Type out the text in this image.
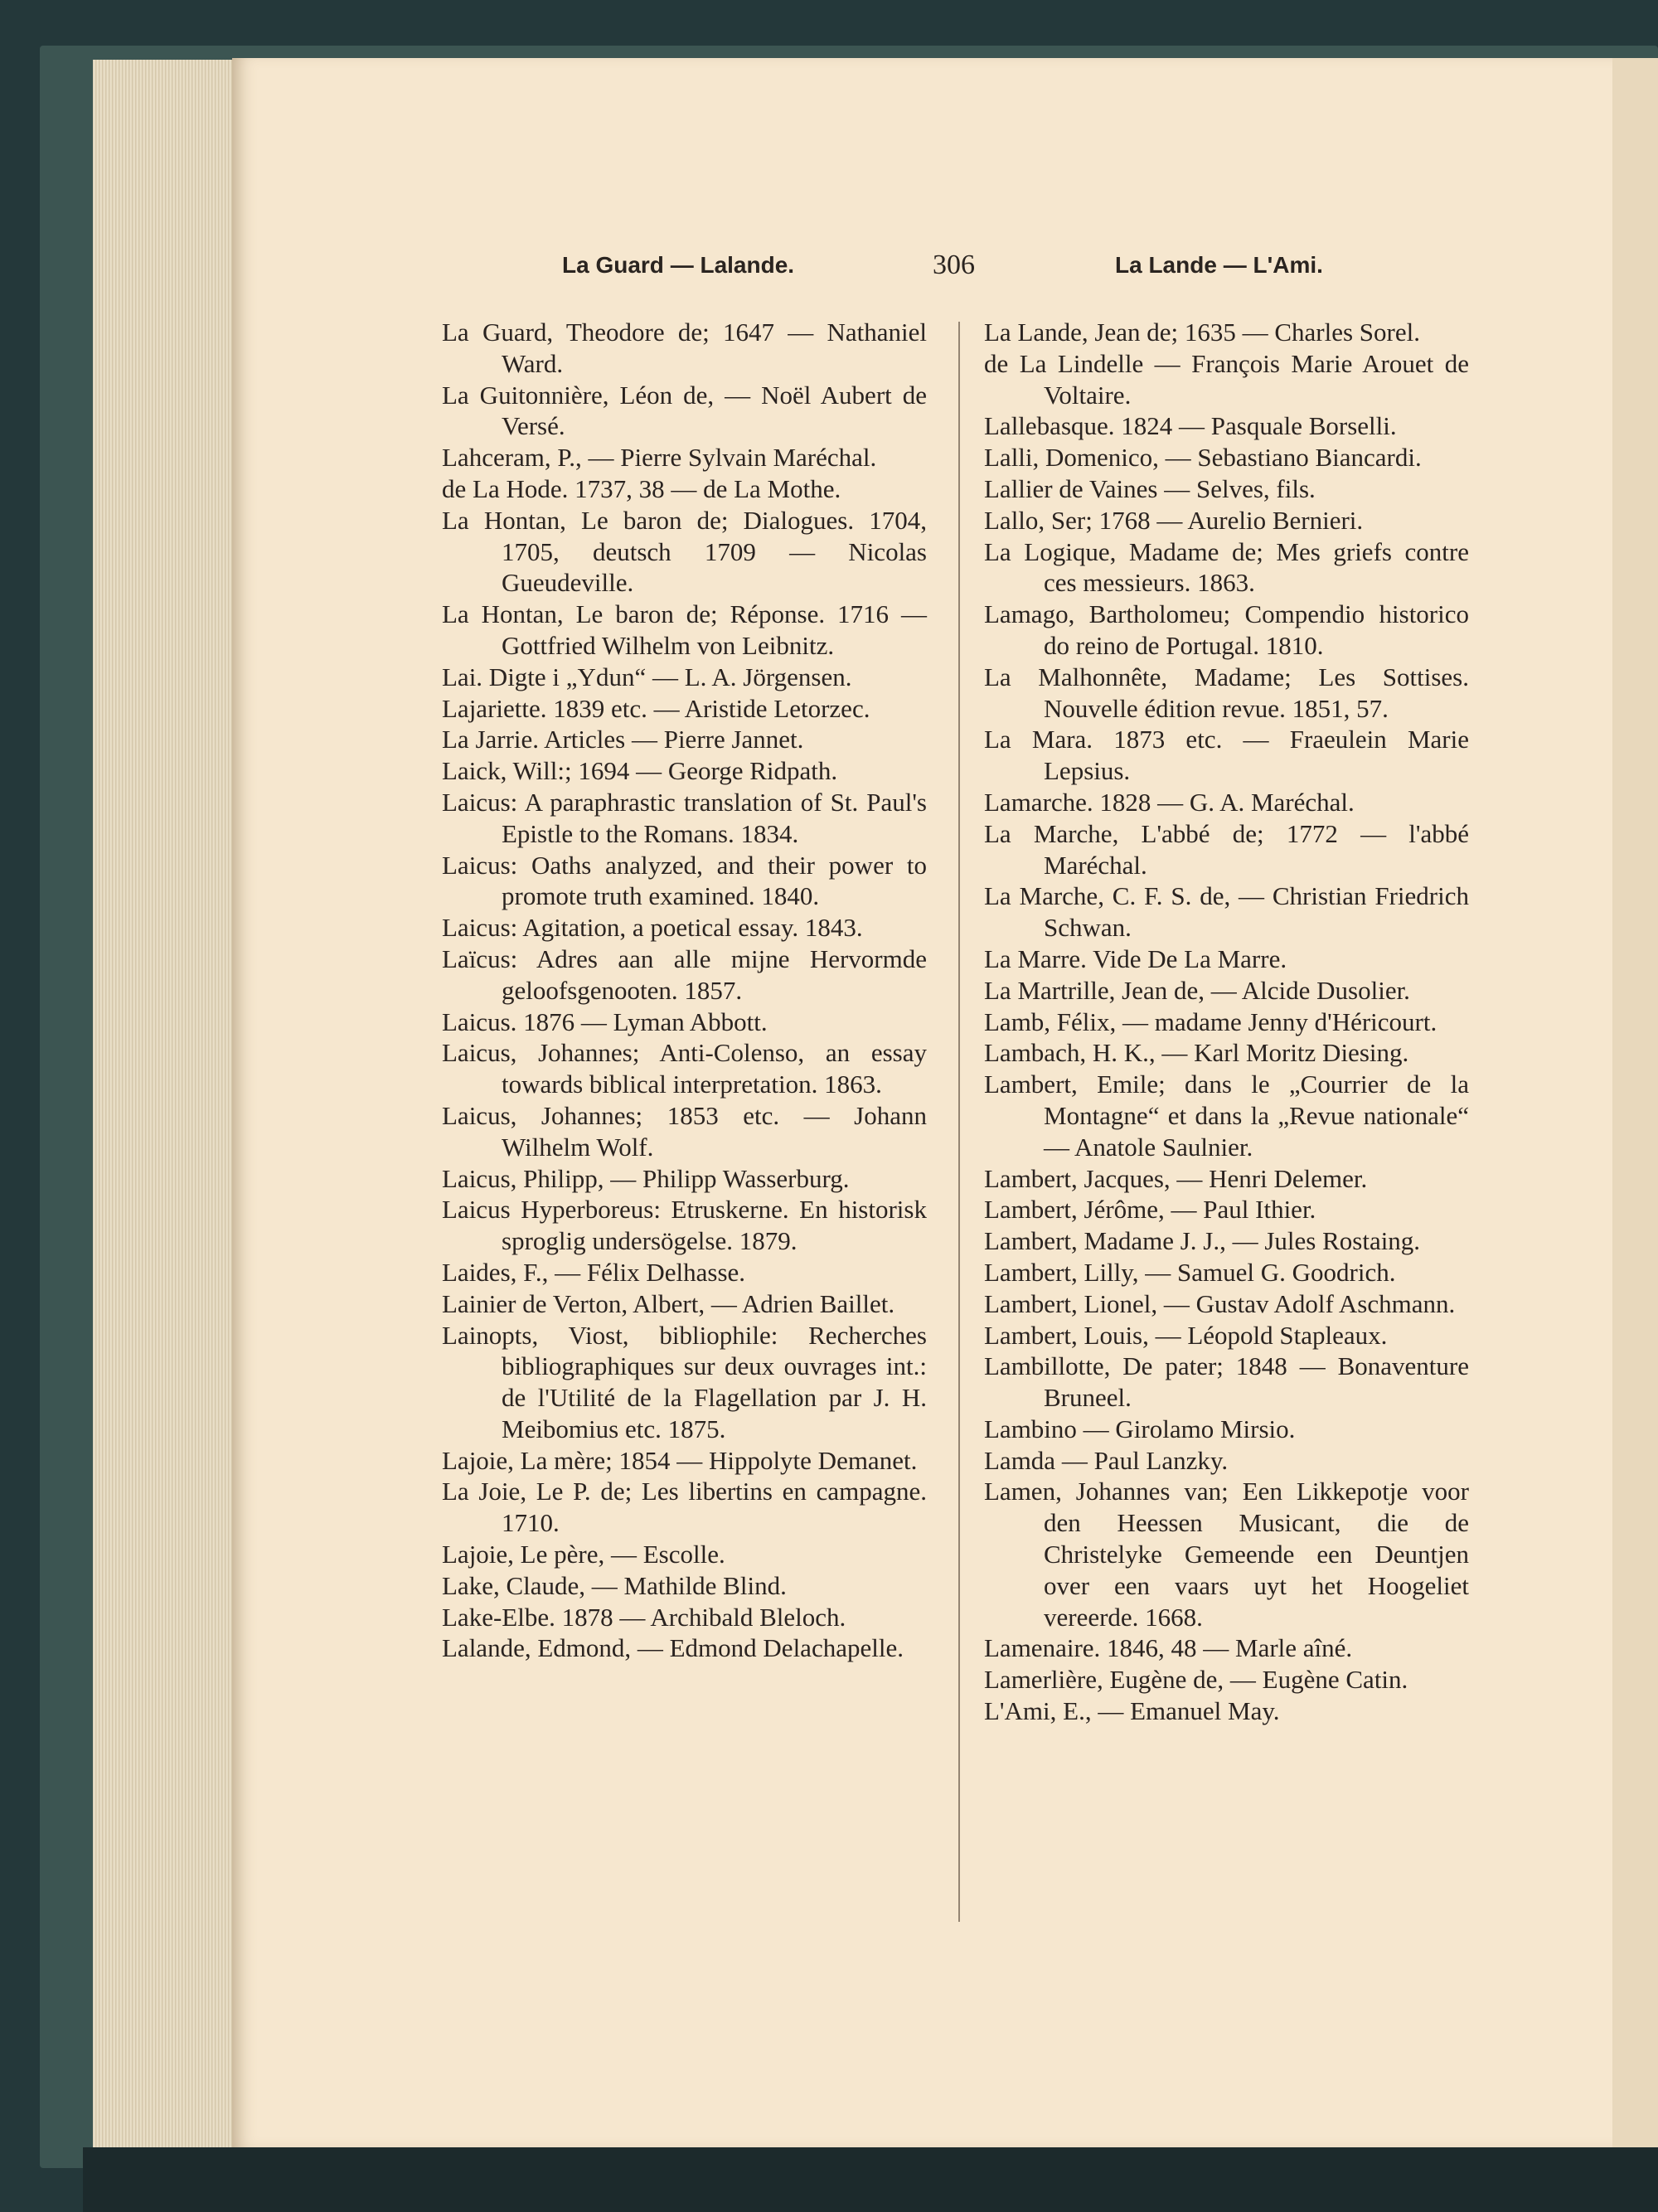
La Guard — Lalande.	306	La Lande — L'Ami.

La Guard, Theodore de; 1647 — Nathaniel Ward.

La Guitonnière, Léon de, — Noël Aubert de Versé.

Lahceram, P., — Pierre Sylvain Maréchal.

de La Hode. 1737, 38 — de La Mothe.

La Hontan, Le baron de; Dialogues. 1704, 1705, deutsch 1709 — Nicolas Gueudeville.

La Hontan, Le baron de; Réponse. 1716 — Gottfried Wilhelm von Leibnitz.

Lai. Digte i „Ydun“ — L. A. Jörgensen.

Lajariette. 1839 etc. — Aristide Letorzec.

La Jarrie. Articles — Pierre Jannet.

Laick, Will:; 1694 — George Ridpath.

Laicus: A paraphrastic translation of St. Paul's Epistle to the Romans. 1834.

Laicus: Oaths analyzed, and their power to promote truth examined. 1840.

Laicus: Agitation, a poetical essay. 1843.

Laïcus: Adres aan alle mijne Hervormde geloofsgenooten. 1857.

Laicus. 1876 — Lyman Abbott.

Laicus, Johannes; Anti-Colenso, an essay towards biblical interpretation. 1863.

Laicus, Johannes; 1853 etc. — Johann Wilhelm Wolf.

Laicus, Philipp, — Philipp Wasserburg.

Laicus Hyperboreus: Etruskerne. En historisk sproglig undersögelse. 1879.

Laides, F., — Félix Delhasse.

Lainier de Verton, Albert, — Adrien Baillet.

Lainopts, Viost, bibliophile: Recherches bibliographiques sur deux ouvrages int.: de l'Utilité de la Flagellation par J. H. Meibomius etc. 1875.

Lajoie, La mère; 1854 — Hippolyte Demanet.

La Joie, Le P. de; Les libertins en campagne. 1710.

Lajoie, Le père, — Escolle.

Lake, Claude, — Mathilde Blind.

Lake-Elbe. 1878 — Archibald Bleloch.

Lalande, Edmond, — Edmond Delachapelle.

La Lande, Jean de; 1635 — Charles Sorel.

de La Lindelle — François Marie Arouet de Voltaire.

Lallebasque. 1824 — Pasquale Borselli.

Lalli, Domenico, — Sebastiano Biancardi.

Lallier de Vaines — Selves, fils.

Lallo, Ser; 1768 — Aurelio Bernieri.

La Logique, Madame de; Mes griefs contre ces messieurs. 1863.

Lamago, Bartholomeu; Compendio historico do reino de Portugal. 1810.

La Malhonnête, Madame; Les Sottises. Nouvelle édition revue. 1851, 57.

La Mara. 1873 etc. — Fraeulein Marie Lepsius.

Lamarche. 1828 — G. A. Maréchal.

La Marche, L'abbé de; 1772 — l'abbé Maréchal.

La Marche, C. F. S. de, — Christian Friedrich Schwan.

La Marre. Vide De La Marre.

La Martrille, Jean de, — Alcide Dusolier.

Lamb, Félix, — madame Jenny d'Héricourt.

Lambach, H. K., — Karl Moritz Diesing.

Lambert, Emile; dans le „Courrier de la Montagne“ et dans la „Revue nationale“ — Anatole Saulnier.

Lambert, Jacques, — Henri Delemer.

Lambert, Jérôme, — Paul Ithier.

Lambert, Madame J. J., — Jules Rostaing.

Lambert, Lilly, — Samuel G. Goodrich.

Lambert, Lionel, — Gustav Adolf Aschmann.

Lambert, Louis, — Léopold Stapleaux.

Lambillotte, De pater; 1848 — Bonaventure Bruneel.

Lambino — Girolamo Mirsio.

Lamda — Paul Lanzky.

Lamen, Johannes van; Een Likkepotje voor den Heessen Musicant, die de Christelyke Gemeende een Deuntjen over een vaars uyt het Hoogeliet vereerde. 1668.

Lamenaire. 1846, 48 — Marle aîné.

Lamerlière, Eugène de, — Eugène Catin.

L'Ami, E., — Emanuel May.
